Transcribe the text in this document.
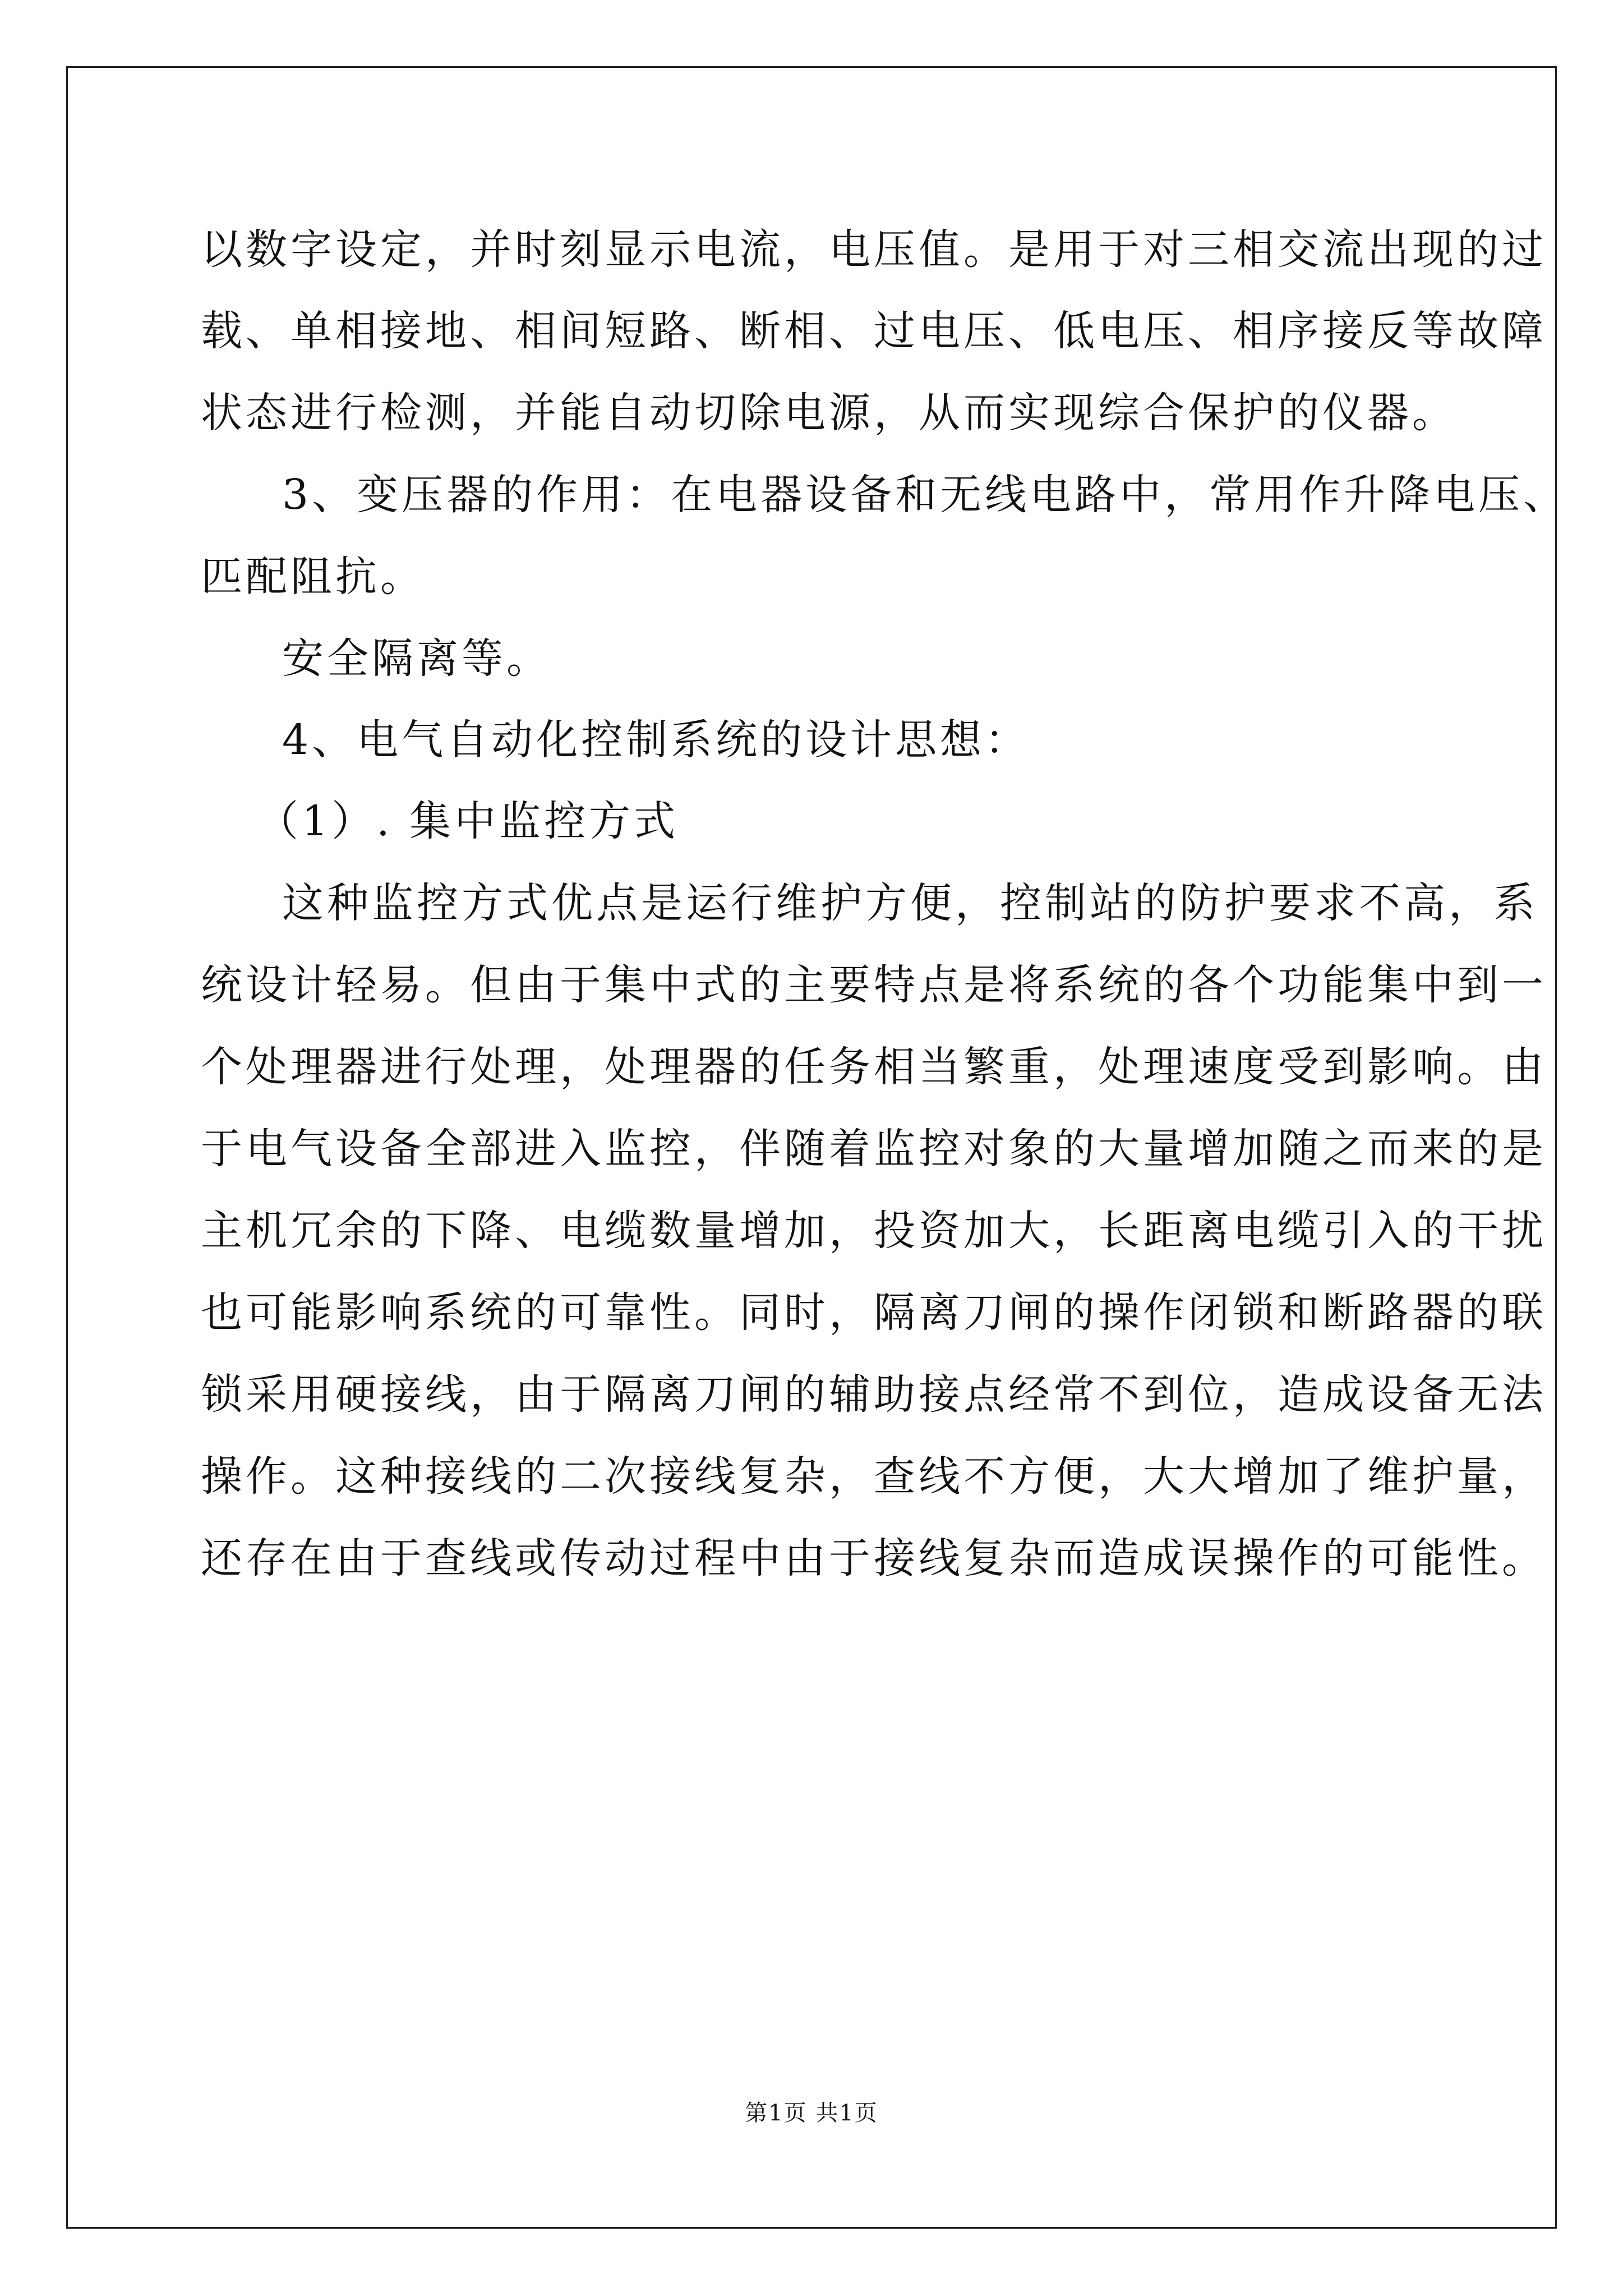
以数字设定，并时刻显示电流，电压值。是用于对三相交流出现的过
载、单相接地、相间短路、断相、过电压、低电压、相序接反等故障
状态进行检测，并能自动切除电源，从而实现综合保护的仪器。
3、变压器的作用：在电器设备和无线电路中，常用作升降电压、
匹配阻抗。
安全隔离等。
4、电气自动化控制系统的设计思想：
（1）. 集中监控方式
这种监控方式优点是运行维护方便，控制站的防护要求不高，系
统设计轻易。但由于集中式的主要特点是将系统的各个功能集中到一
个处理器进行处理，处理器的任务相当繁重，处理速度受到影响。由
于电气设备全部进入监控，伴随着监控对象的大量增加随之而来的是
主机冗余的下降、电缆数量增加，投资加大，长距离电缆引入的干扰
也可能影响系统的可靠性。同时，隔离刀闸的操作闭锁和断路器的联
锁采用硬接线，由于隔离刀闸的辅助接点经常不到位，造成设备无法
操作。这种接线的二次接线复杂，查线不方便，大大增加了维护量，
还存在由于查线或传动过程中由于接线复杂而造成误操作的可能性。
第1页 共1页
